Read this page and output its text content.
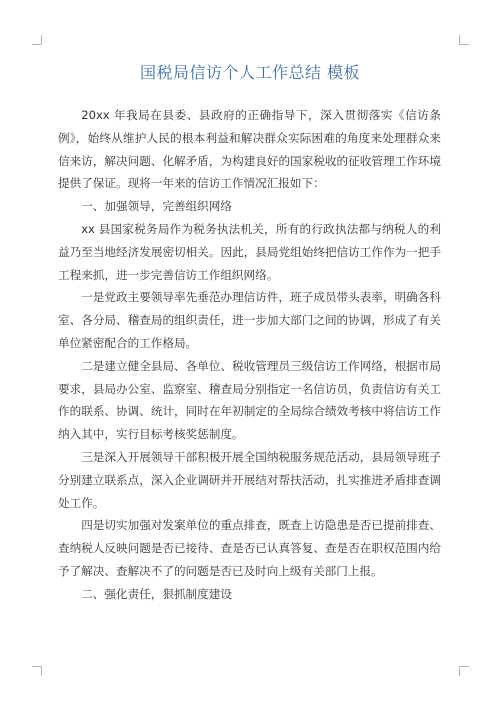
国税局信访个人工作总结 模板

20xx 年我局在县委、县政府的正确指导下，深入贯彻落实《信访条例》，始终从维护人民的根本利益和解决群众实际困难的角度来处理群众来信来访，解决问题、化解矛盾，为构建良好的国家税收的征收管理工作环境提供了保证。现将一年来的信访工作情况汇报如下：

一、加强领导，完善组织网络

xx 县国家税务局作为税务执法机关，所有的行政执法都与纳税人的利益乃至当地经济发展密切相关。因此，县局党组始终把信访工作作为一把手工程来抓，进一步完善信访工作组织网络。

一是党政主要领导率先垂范办理信访件，班子成员带头表率，明确各科室、各分局、稽查局的组织责任，进一步加大部门之间的协调，形成了有关单位紧密配合的工作格局。

二是建立健全县局、各单位、税收管理员三级信访工作网络，根据市局要求，县局办公室、监察室、稽查局分别指定一名信访员，负责信访有关工作的联系、协调、统计，同时在年初制定的全局综合绩效考核中将信访工作纳入其中，实行目标考核奖惩制度。

三是深入开展领导干部积极开展全国纳税服务规范活动，县局领导班子分别建立联系点，深入企业调研并开展结对帮扶活动，扎实推进矛盾排查调处工作。

四是切实加强对发案单位的重点排查，既查上访隐患是否已提前排查、查纳税人反映问题是否已接待、查是否已认真答复、查是否在职权范围内给予了解决、查解决不了的问题是否已及时向上级有关部门上报。

二、强化责任，狠抓制度建设
